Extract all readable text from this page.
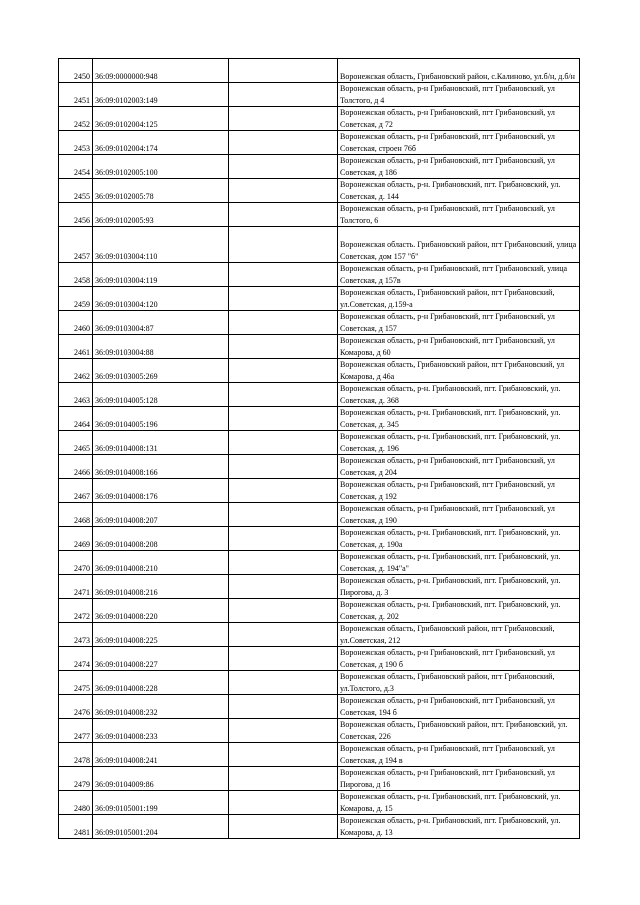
2450	36:09:0000000:948		Воронежская область, Грибановский район, с.Калиново, ул.б/н, д.б/н
2451	36:09:0102003:149		Воронежская область, р-н Грибановский, пгт Грибановский, ул Толстого, д 4
2452	36:09:0102004:125		Воронежская область, р-н Грибановский, пгт Грибановский, ул Советская, д 72
2453	36:09:0102004:174		Воронежская область, р-н Грибановский, пгт Грибановский, ул Советская, строен 76б
2454	36:09:0102005:100		Воронежская область, р-н Грибановский, пгт Грибановский, ул Советская, д 186
2455	36:09:0102005:78		Воронежская область, р-н. Грибановский, пгт. Грибановский, ул. Советская, д. 144
2456	36:09:0102005:93		Воронежская область, р-н Грибановский, пгт Грибановский, ул Толстого, 6
2457	36:09:0103004:110		Воронежская область. Грибановский район, пгт Грибановский, улица Советская, дом 157 "б"
2458	36:09:0103004:119		Воронежская область, р-н Грибановский, пгт Грибановский, улица Советская, д 157в
2459	36:09:0103004:120		Воронежская область, Грибановский район, пгт Грибановский, ул.Советская, д.159-а
2460	36:09:0103004:87		Воронежская область, р-н Грибановский, пгт Грибановский, ул Советская, д 157
2461	36:09:0103004:88		Воронежская область, р-н Грибановский, пгт Грибановский, ул Комарова, д 60
2462	36:09:0103005:269		Воронежская область, Грибановский район, пгт Грибановский, ул Комарова, д 46а
2463	36:09:0104005:128		Воронежская область, р-н. Грибановский, пгт. Грибановский, ул. Советская, д. 368
2464	36:09:0104005:196		Воронежская область, р-н. Грибановский, пгт. Грибановский, ул. Советская, д. 345
2465	36:09:0104008:131		Воронежская область, р-н. Грибановский, пгт. Грибановский, ул. Советская, д. 196
2466	36:09:0104008:166		Воронежская область, р-н Грибановский, пгт Грибановский, ул Советская, д 204
2467	36:09:0104008:176		Воронежская область, р-н Грибановский, пгт Грибановский, ул Советская, д 192
2468	36:09:0104008:207		Воронежская область, р-н Грибановский, пгт Грибановский, ул Советская, д 190
2469	36:09:0104008:208		Воронежская область, р-н. Грибановский, пгт. Грибановский, ул. Советская, д. 190а
2470	36:09:0104008:210		Воронежская область, р-н. Грибановский, пгт. Грибановский, ул. Советская, д. 194"а"
2471	36:09:0104008:216		Воронежская область, р-н. Грибановский, пгт. Грибановский, ул. Пирогова, д. 3
2472	36:09:0104008:220		Воронежская область, р-н. Грибановский, пгт. Грибановский, ул. Советская, д. 202
2473	36:09:0104008:225		Воронежская область, Грибановский район, пгт Грибановский, ул.Советская, 212
2474	36:09:0104008:227		Воронежская область, р-н Грибановский, пгт Грибановский, ул Советская, д 190 б
2475	36:09:0104008:228		Воронежская область, Грибановский район, пгт Грибановский, ул.Толстого, д.3
2476	36:09:0104008:232		Воронежская область, р-н Грибановский, пгт Грибановский, ул Советская, 194 б
2477	36:09:0104008:233		Воронежская область, Грибановский район, пгт. Грибановский, ул. Советская, 226
2478	36:09:0104008:241		Воронежская область, р-н Грибановский, пгт Грибановский, ул Советская, д 194 в
2479	36:09:0104009:86		Воронежская область, р-н Грибановский, пгт Грибановский, ул Пирогова, д 16
2480	36:09:0105001:199		Воронежская область, р-н. Грибановский, пгт. Грибановский, ул. Комарова, д. 15
2481	36:09:0105001:204		Воронежская область, р-н. Грибановский, пгт. Грибановский, ул. Комарова, д. 13
